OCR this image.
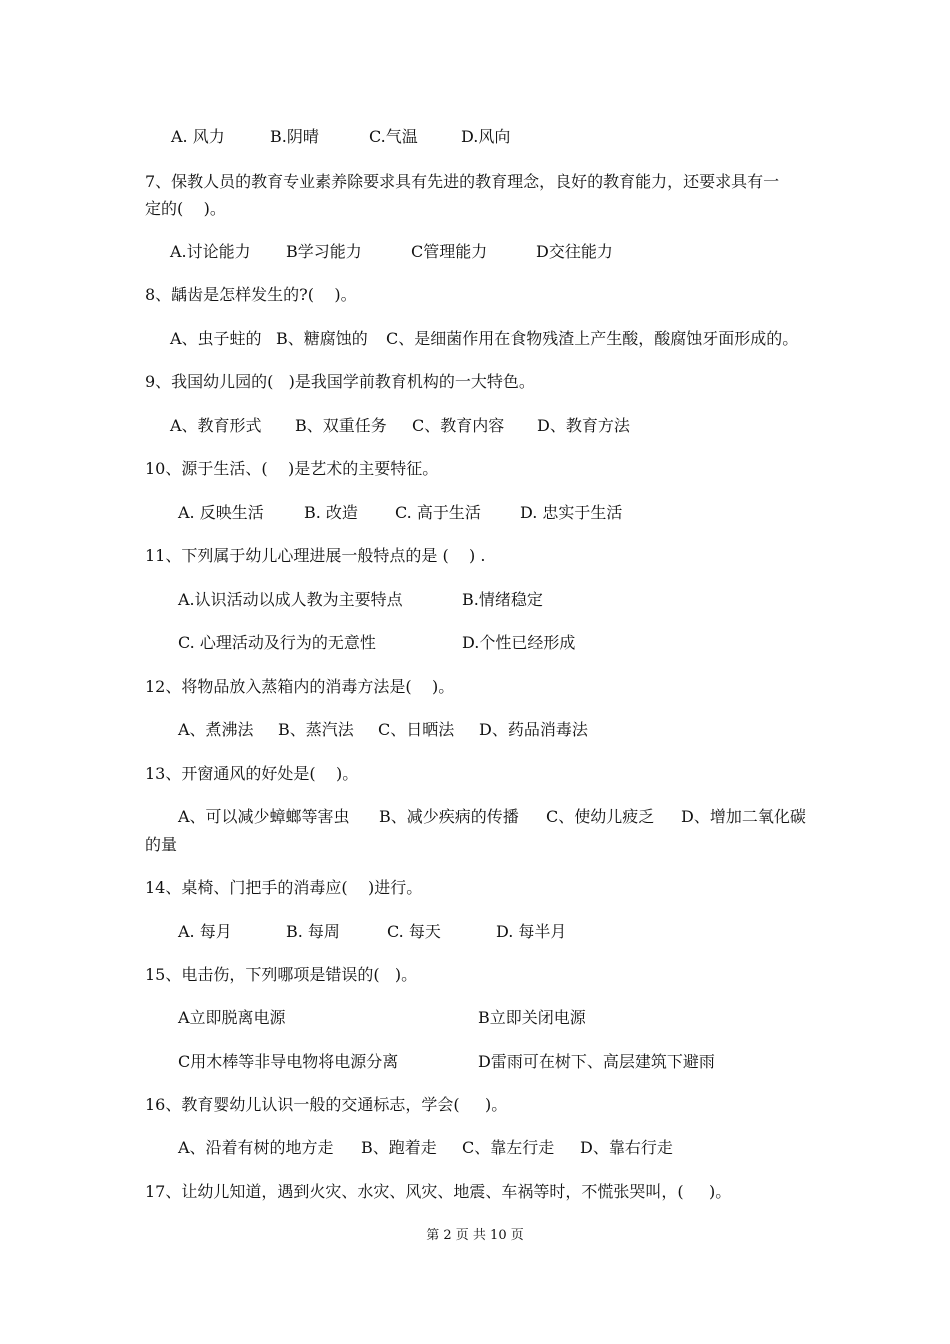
A. 风力	B.阴晴	C.气温	D.风向
7、保教人员的教育专业素养除要求具有先进的教育理念，良好的教育能力，还要求具有一
定的(    )。
A.讨论能力 B学习能力	C管理能力	D交往能力
8、龋齿是怎样发生的?(    )。
A、虫子蛀的 B、糖腐蚀的 C、是细菌作用在食物残渣上产生酸，酸腐蚀牙面形成的。
9、我国幼儿园的(   )是我国学前教育机构的一大特色。
A、教育形式 B、双重任务 C、教育内容 D、教育方法
10、源于生活、(    )是艺术的主要特征。
A. 反映生活	B. 改造 C. 高于生活 D. 忠实于生活
11、下列属于幼儿心理进展一般特点的是 (    ) .
A.认识活动以成人教为主要特点	B.情绪稳定
C. 心理活动及行为的无意性	D.个性已经形成
12、将物品放入蒸箱内的消毒方法是(    )。
A、煮沸法 B、蒸汽法 C、日晒法 D、药品消毒法
13、开窗通风的好处是(    )。
A、可以减少蟑螂等害虫 B、减少疾病的传播 C、使幼儿疲乏 D、增加二氧化碳
的量
14、桌椅、门把手的消毒应(    )进行。
A. 每月	B. 每周	C. 每天	D. 每半月
15、电击伤，下列哪项是错误的(   )。
A立即脱离电源	B立即关闭电源
C用木棒等非导电物将电源分离	D雷雨可在树下、高层建筑下避雨
16、教育婴幼儿认识一般的交通标志，学会(     )。
A、沿着有树的地方走 B、跑着走 C、靠左行走 D、靠右行走
17、让幼儿知道，遇到火灾、水灾、风灾、地震、车祸等时，不慌张哭叫，(     )。
第 2 页 共 10 页
